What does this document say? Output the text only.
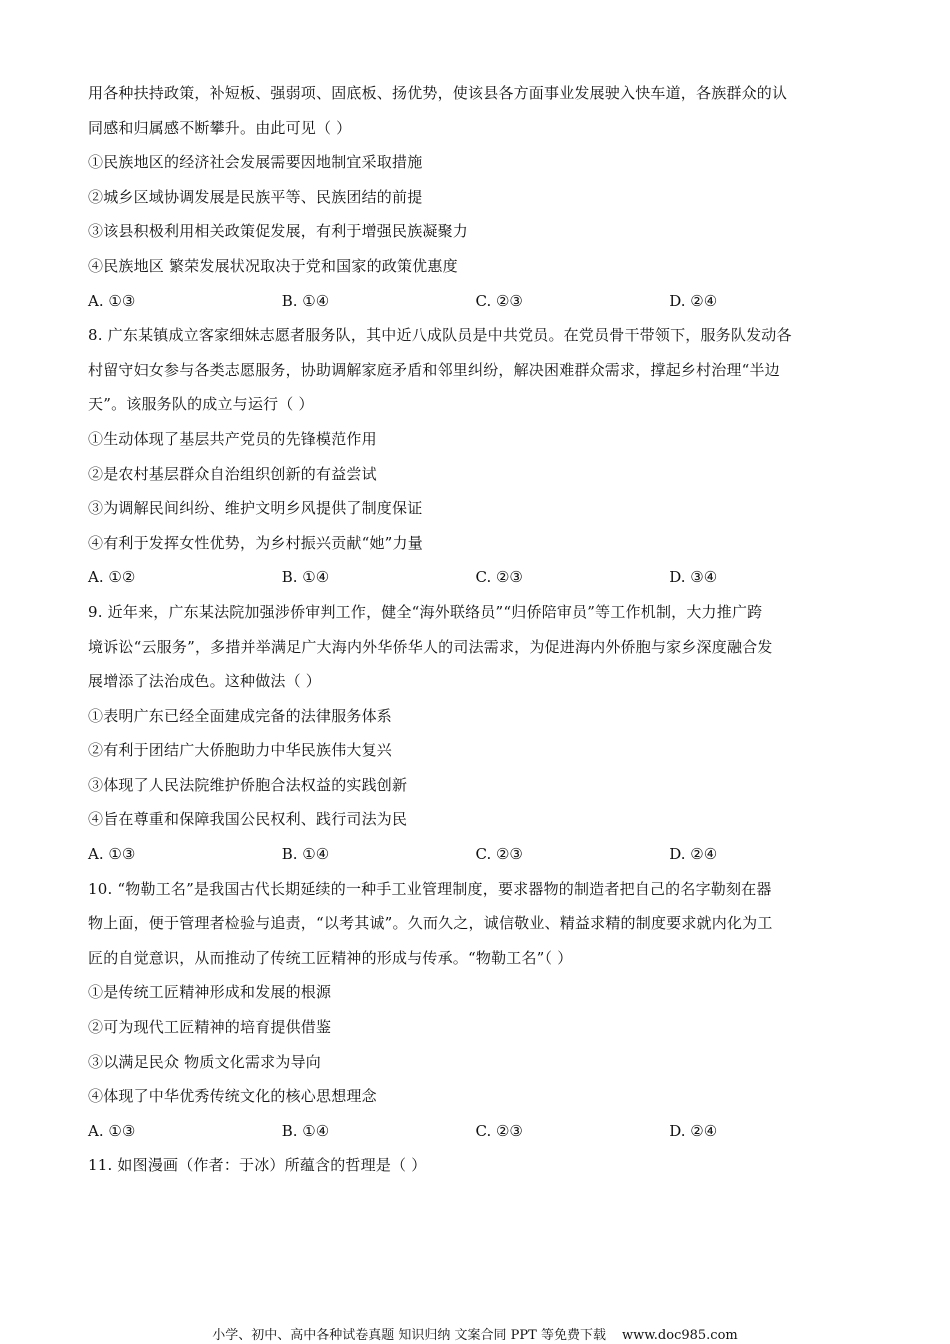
用各种扶持政策，补短板、强弱项、固底板、扬优势，使该县各方面事业发展驶入快车道，各族群众的认
同感和归属感不断攀升。由此可见（ ）
①民族地区的经济社会发展需要因地制宜采取措施
②城乡区域协调发展是民族平等、民族团结的前提
③该县积极利用相关政策促发展，有利于增强民族凝聚力
④民族地区 繁荣发展状况取决于党和国家的政策优惠度
A. ①③	B. ①④	C. ②③	D. ②④
8. 广东某镇成立客家细妹志愿者服务队，其中近八成队员是中共党员。在党员骨干带领下，服务队发动各
村留守妇女参与各类志愿服务，协助调解家庭矛盾和邻里纠纷，解决困难群众需求，撑起乡村治理“半边
天”。该服务队的成立与运行（ ）
①生动体现了基层共产党员的先锋模范作用
②是农村基层群众自治组织创新的有益尝试
③为调解民间纠纷、维护文明乡风提供了制度保证
④有利于发挥女性优势，为乡村振兴贡献“她”力量
A. ①②	B. ①④	C. ②③	D. ③④
9. 近年来，广东某法院加强涉侨审判工作，健全“海外联络员”“归侨陪审员”等工作机制，大力推广跨
境诉讼“云服务”，多措并举满足广大海内外华侨华人的司法需求，为促进海内外侨胞与家乡深度融合发
展增添了法治成色。这种做法（ ）
①表明广东已经全面建成完备的法律服务体系
②有利于团结广大侨胞助力中华民族伟大复兴
③体现了人民法院维护侨胞合法权益的实践创新
④旨在尊重和保障我国公民权利、践行司法为民
A. ①③	B. ①④	C. ②③	D. ②④
10. “物勒工名”是我国古代长期延续的一种手工业管理制度，要求器物的制造者把自己的名字勒刻在器
物上面，便于管理者检验与追责，“以考其诚”。久而久之，诚信敬业、精益求精的制度要求就内化为工
匠的自觉意识，从而推动了传统工匠精神的形成与传承。“物勒工名”（ ）
①是传统工匠精神形成和发展的根源
②可为现代工匠精神的培育提供借鉴
③以满足民众 物质文化需求为导向
④体现了中华优秀传统文化的核心思想理念
A. ①③	B. ①④	C. ②③	D. ②④
11. 如图漫画（作者：于冰）所蕴含的哲理是（ ）
小学、初中、高中各种试卷真题 知识归纳 文案合同 PPT 等免费下载 www.doc985.com
